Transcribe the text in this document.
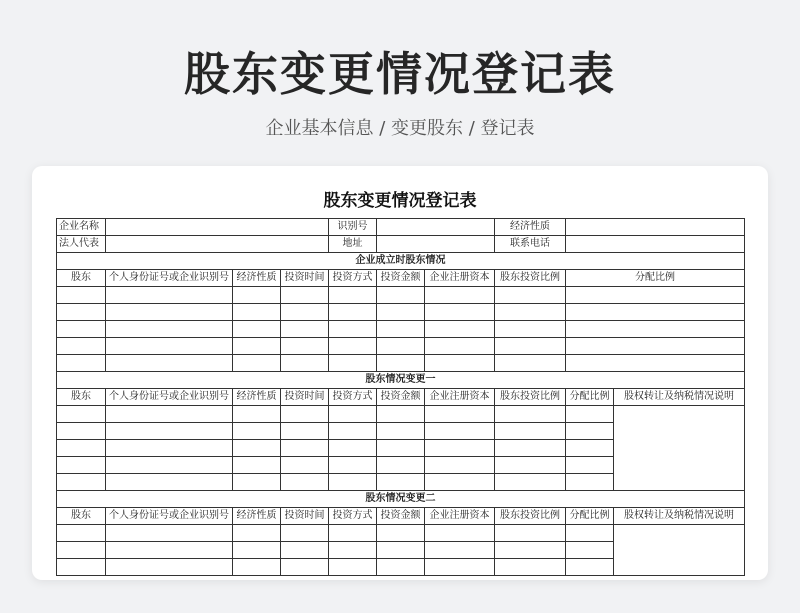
股东变更情况登记表
企业基本信息 / 变更股东 / 登记表
股东变更情况登记表
企业名称				识别号			经济性质		
法人代表				地址			联系电话		
企业成立时股东情况									
股东	个人身份证号或企业识别号	经济性质	投资时间	投资方式	投资金额	企业注册资本	股东投资比例	分配比例	

股东情况变更一									
股东	个人身份证号或企业识别号	经济性质	投资时间	投资方式	投资金额	企业注册资本	股东投资比例	分配比例	股权转让及纳税情况说明

股东情况变更二									
股东	个人身份证号或企业识别号	经济性质	投资时间	投资方式	投资金额	企业注册资本	股东投资比例	分配比例	股权转让及纳税情况说明
